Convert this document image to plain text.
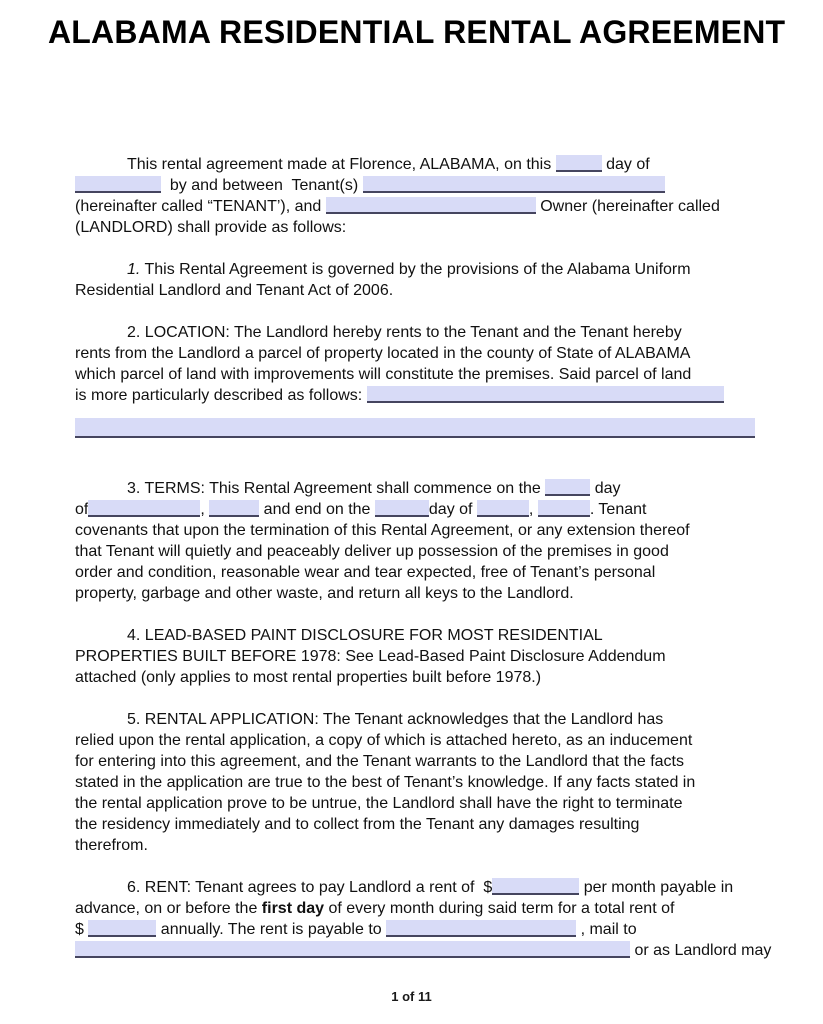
ALABAMA RESIDENTIAL RENTAL AGREEMENT
This rental agreement made at Florence, ALABAMA, on this	day of
by and between  Tenant(s)
(hereinafter called “TENANT’), and	Owner (hereinafter called
(LANDLORD) shall provide as follows:
1. This Rental Agreement is governed by the provisions of the Alabama Uniform
Residential Landlord and Tenant Act of 2006.
2. LOCATION: The Landlord hereby rents to the Tenant and the Tenant hereby
rents from the Landlord a parcel of property located in the county of State of ALABAMA
which parcel of land with improvements will constitute the premises. Said parcel of land
is more particularly described as follows:
3. TERMS: This Rental Agreement shall commence on the	day
of	,	and end on the	day of	,	. Tenant
covenants that upon the termination of this Rental Agreement, or any extension thereof
that Tenant will quietly and peaceably deliver up possession of the premises in good
order and condition, reasonable wear and tear expected, free of Tenant’s personal
property, garbage and other waste, and return all keys to the Landlord.
4. LEAD-BASED PAINT DISCLOSURE FOR MOST RESIDENTIAL
PROPERTIES BUILT BEFORE 1978: See Lead-Based Paint Disclosure Addendum
attached (only applies to most rental properties built before 1978.)
5. RENTAL APPLICATION: The Tenant acknowledges that the Landlord has
relied upon the rental application, a copy of which is attached hereto, as an inducement
for entering into this agreement, and the Tenant warrants to the Landlord that the facts
stated in the application are true to the best of Tenant’s knowledge. If any facts stated in
the rental application prove to be untrue, the Landlord shall have the right to terminate
the residency immediately and to collect from the Tenant any damages resulting
therefrom.
6. RENT: Tenant agrees to pay Landlord a rent of  $	per month payable in
advance, on or before the first day of every month during said term for a total rent of
$	annually. The rent is payable to	, mail to
or as Landlord may
1 of 11
